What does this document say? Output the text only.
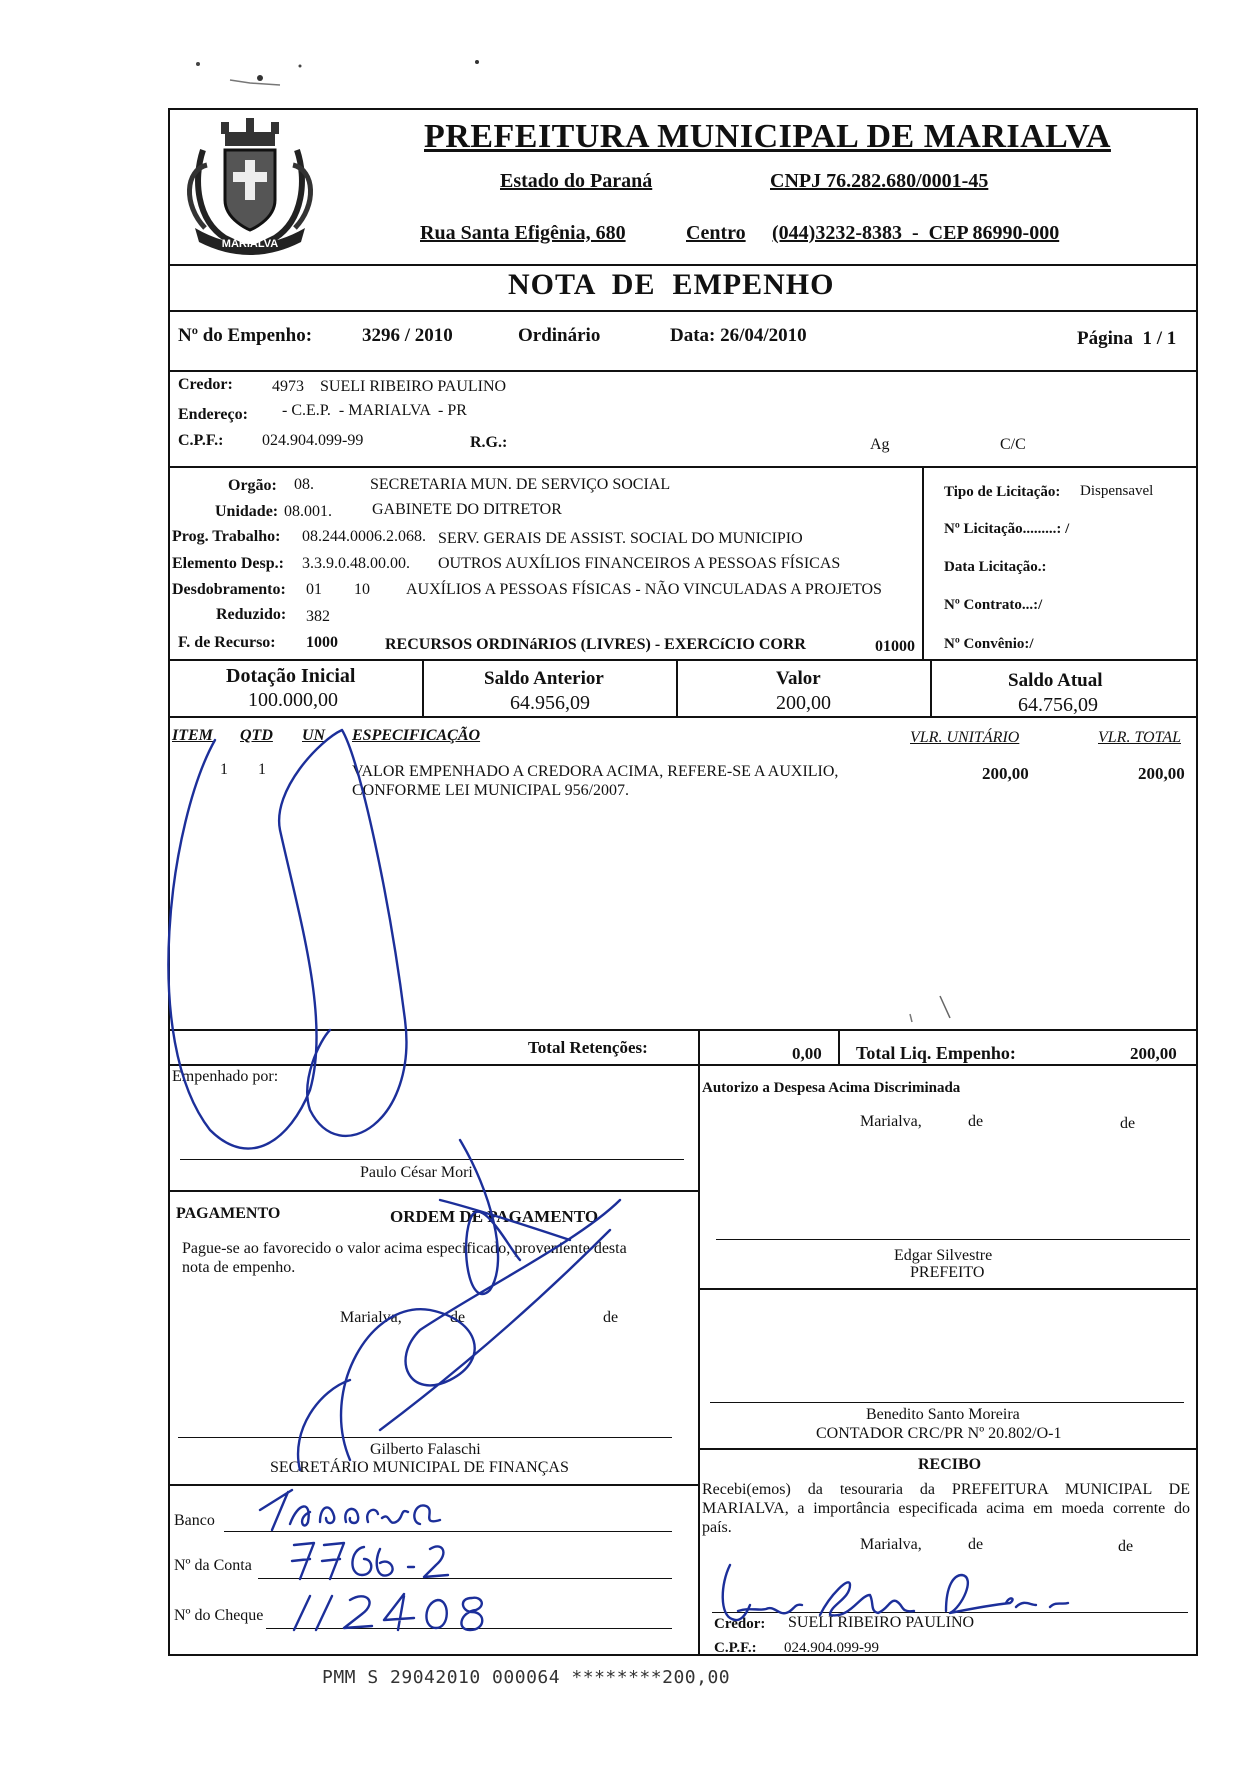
MARIALVA
PREFEITURA MUNICIPAL DE MARIALVA
Estado do Paraná	CNPJ 76.282.680/0001-45
Rua Santa Efigênia, 680	Centro (044)3232-8383  -  CEP 86990-000
NOTA  DE  EMPENHO
Nº do Empenho:	3296 / 2010	Ordinário	Data: 26/04/2010	Página  1 / 1
Credor: 4973 SUELI RIBEIRO PAULINO
Endereço: - C.E.P.  - MARIALVA  - PR
C.P.F.: 024.904.099-99	R.G.:	Ag	C/C
Orgão: 08.	SECRETARIA MUN. DE SERVIÇO SOCIAL
Unidade: 08.001.	GABINETE DO DITRETOR
Prog. Trabalho: 08.244.0006.2.068. SERV. GERAIS DE ASSIST. SOCIAL DO MUNICIPIO
Elemento Desp.: 3.3.9.0.48.00.00. OUTROS AUXÍLIOS FINANCEIROS A PESSOAS FÍSICAS
Desdobramento: 01 10 AUXÍLIOS A PESSOAS FÍSICAS - NÃO VINCULADAS A PROJETOS
Reduzido: 382
F. de Recurso: 1000	RECURSOS ORDINáRIOS (LIVRES) - EXERCíCIO CORR	01000
Tipo de Licitação: Dispensavel
Nº Licitação.........: /
Data Licitação.:
Nº Contrato...:/
Nº Convênio:/
Dotação Inicial
100.000,00
Saldo Anterior
64.956,09
Valor
200,00
Saldo Atual
64.756,09
ITEM QTD UN ESPECIFICAÇÃO	VLR. UNITÁRIO	VLR. TOTAL
1 1	VALOR EMPENHADO A CREDORA ACIMA, REFERE-SE A AUXILIO,
CONFORME LEI MUNICIPAL 956/2007.
200,00	200,00
Total Retenções:	0,00 Total Liq. Empenho:	200,00
Empenhado por:
Paulo César Mori
Autorizo a Despesa Acima Discriminada
Marialva,	de	de
Edgar Silvestre
PREFEITO
PAGAMENTO	ORDEM DE PAGAMENTO
Pague-se ao favorecido o valor acima especificado, proveniente desta
nota de empenho.
Marialva,	de	de
Gilberto Falaschi
SECRETÁRIO MUNICIPAL DE FINANÇAS
Benedito Santo Moreira
CONTADOR CRC/PR Nº 20.802/O-1
Banco
Nº da Conta
Nº do Cheque
RECIBO
Recebi(emos) da tesouraria da PREFEITURA MUNICIPAL DE
MARIALVA, a importância especificada acima em moeda corrente do
país.
Marialva,	de	de
Credor: SUELI RIBEIRO PAULINO
C.P.F.: 024.904.099-99
PMM S 29042010 000064 ********200,00
